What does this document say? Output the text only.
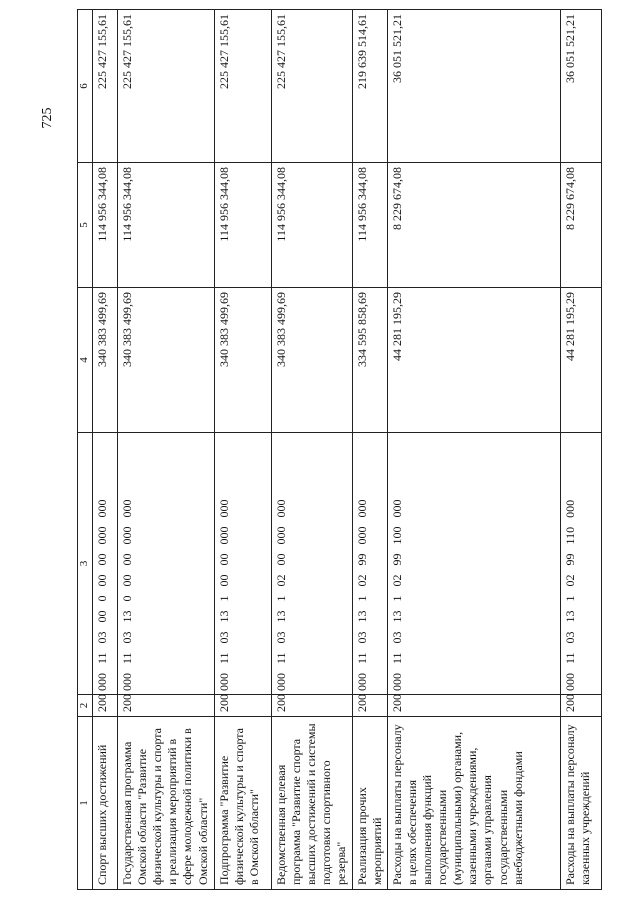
725
1	2	3	4	5	6
Спорт высших достижений	200	00011030000000000000	340 383 499,69	114 956 344,08	225 427 155,61
Государственная программа Омской области "Развитие физической культуры и спорта и реализация мероприятий в сфере молодежной политики в Омской области"	200	00011031300000000000	340 383 499,69	114 956 344,08	225 427 155,61
Подпрограмма "Развитие физической культуры и спорта в Омской области"	200	00011031310000000000	340 383 499,69	114 956 344,08	225 427 155,61
Ведомственная целевая программа "Развитие спорта высших достижений и системы подготовки спортивного резерва"	200	00011031310200000000	340 383 499,69	114 956 344,08	225 427 155,61
Реализация прочих мероприятий	200	00011031310299000000	334 595 858,69	114 956 344,08	219 639 514,61
Расходы на выплаты персоналу в целях обеспечения выполнения функций государственными (муниципальными) органами, казенными учреждениями, органами управления государственными внебюджетными фондами	200	00011031310299100000	44 281 195,29	8 229 674,08	36 051 521,21
Расходы на выплаты персоналу казенных учреждений	200	00011031310299110000	44 281 195,29	8 229 674,08	36 051 521,21
